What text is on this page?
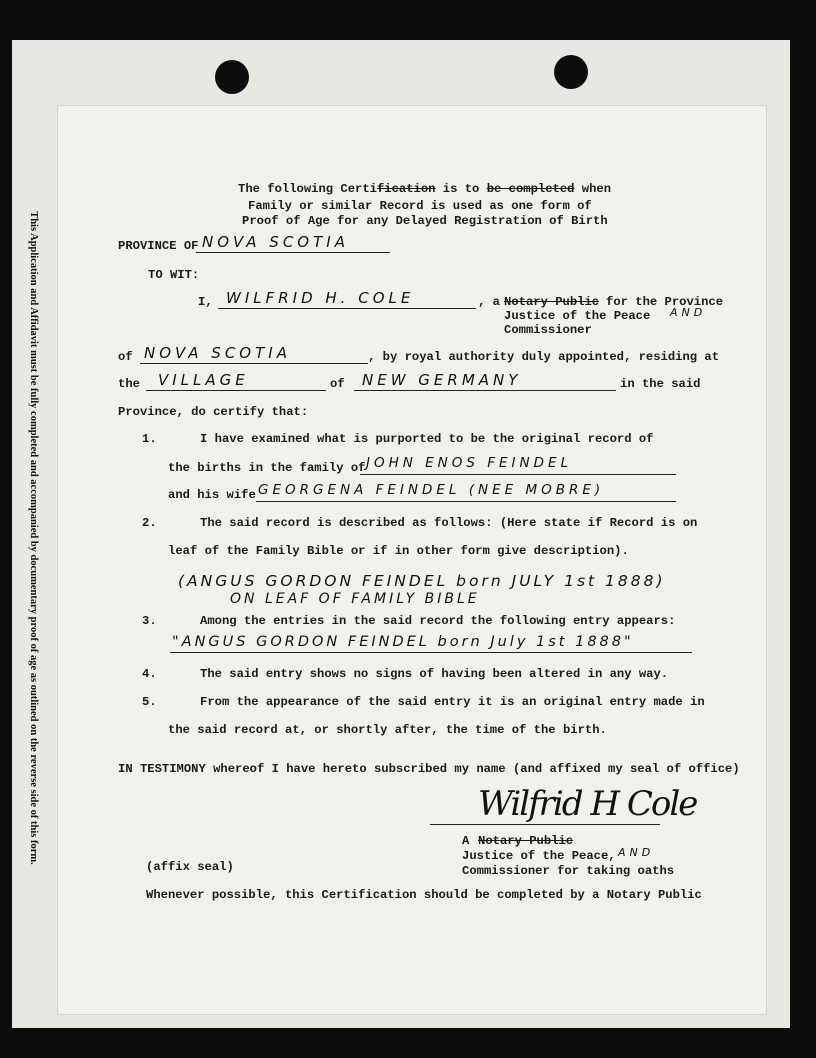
This Application and Affidavit must be fully completed and accompanied by documentary proof of age as outlined on the reverse side of this form.
The following Certification is to be completed when
Family or similar Record is used as one form of
Proof of Age for any Delayed Registration of Birth
PROVINCE OF NOVA SCOTIA
TO WIT:
I, WILFRID H. COLE	, a Notary Public for the Province
Justice of the Peace AND
Commissioner
of NOVA SCOTIA	, by royal authority duly appointed, residing at
the VILLAGE	of NEW GERMANY	in the said
Province, do certify that:
1.	I have examined what is purported to be the original record of
the births in the family of JOHN ENOS FEINDEL
and his wife GEORGENA FEINDEL (NEE MOBRE)
2.	The said record is described as follows: (Here state if Record is on
leaf of the Family Bible or if in other form give description).
(ANGUS GORDON FEINDEL born JULY 1st 1888)
ON LEAF OF FAMILY BIBLE
3.	Among the entries in the said record the following entry appears:
"ANGUS GORDON FEINDEL born July 1st 1888"
4.	The said entry shows no signs of having been altered in any way.
5.	From the appearance of the said entry it is an original entry made in
the said record at, or shortly after, the time of the birth.
IN TESTIMONY whereof I have hereto subscribed my name (and affixed my seal of office)
Wilfrid H Cole
A Notary Public
Justice of the Peace, AND
Commissioner for taking oaths
(affix seal)
Whenever possible, this Certification should be completed by a Notary Public
